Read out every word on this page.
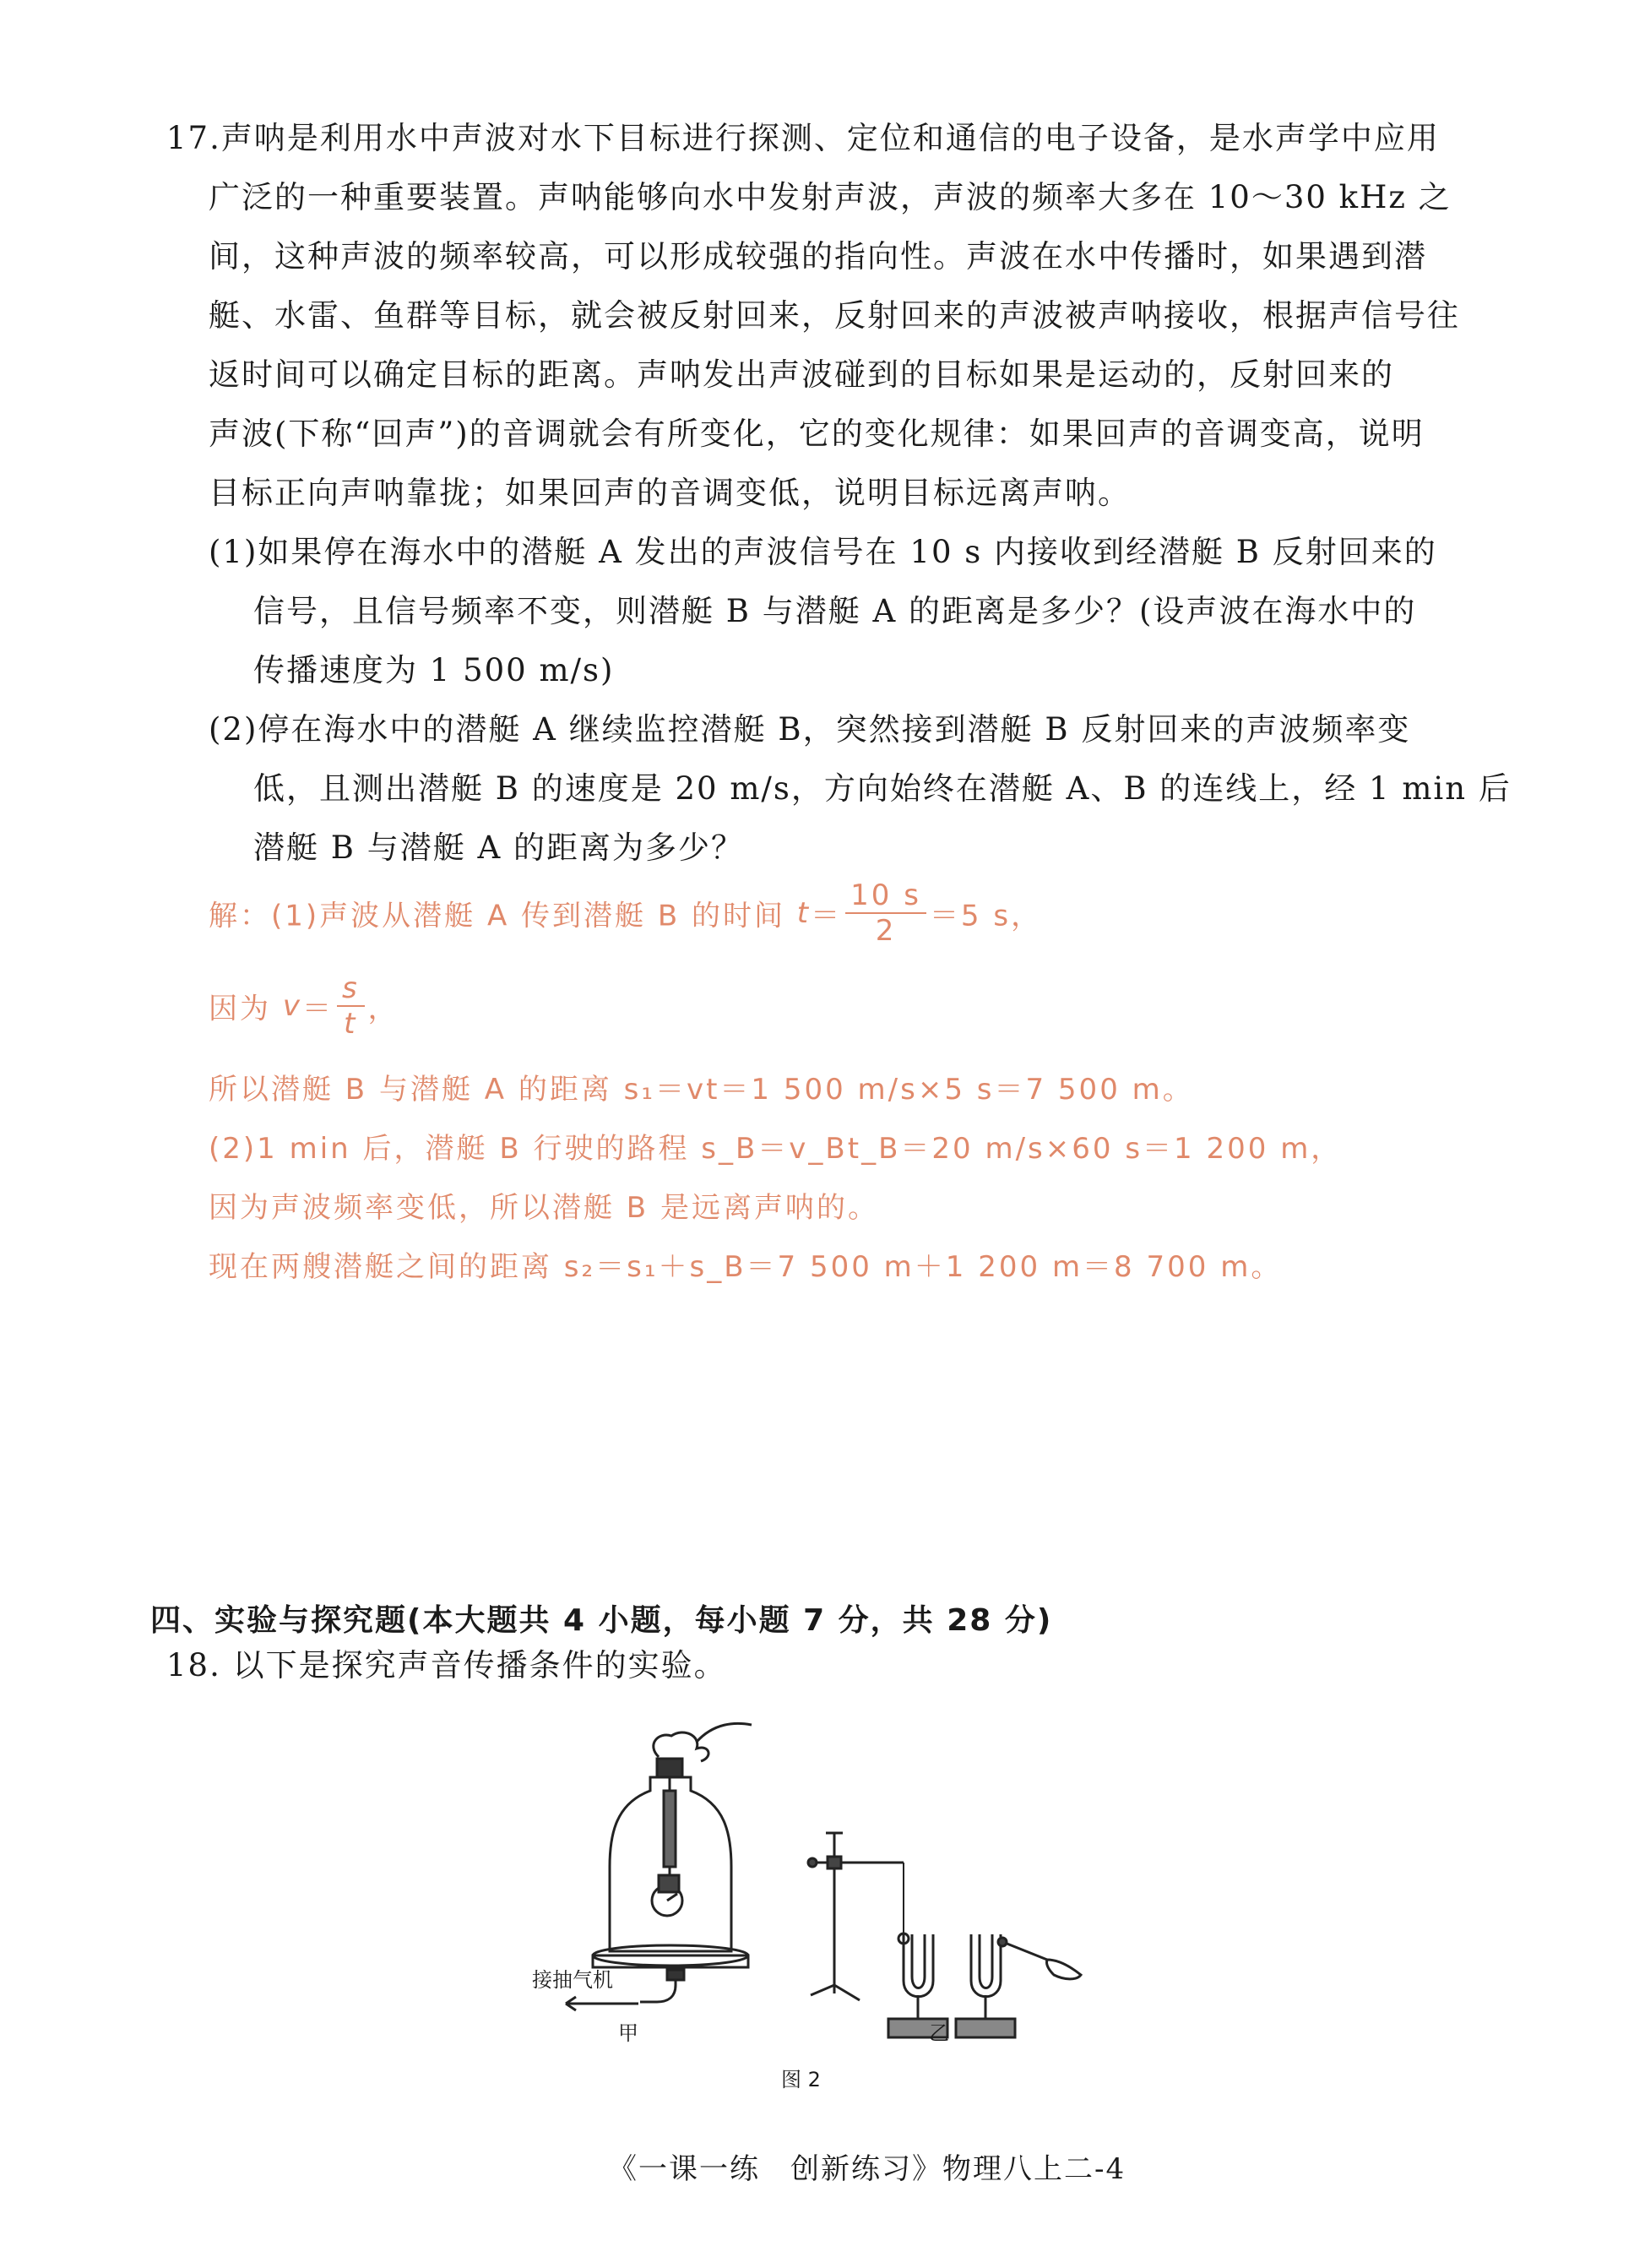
17.声呐是利用水中声波对水下目标进行探测、定位和通信的电子设备，是水声学中应用
广泛的一种重要装置。声呐能够向水中发射声波，声波的频率大多在 10～30 kHz 之
间，这种声波的频率较高，可以形成较强的指向性。声波在水中传播时，如果遇到潜
艇、水雷、鱼群等目标，就会被反射回来，反射回来的声波被声呐接收，根据声信号往
返时间可以确定目标的距离。声呐发出声波碰到的目标如果是运动的，反射回来的
声波(下称“回声”)的音调就会有所变化，它的变化规律：如果回声的音调变高，说明
目标正向声呐靠拢；如果回声的音调变低，说明目标远离声呐。
(1)如果停在海水中的潜艇 A 发出的声波信号在 10 s 内接收到经潜艇 B 反射回来的
信号，且信号频率不变，则潜艇 B 与潜艇 A 的距离是多少？(设声波在海水中的
传播速度为 1 500 m/s)
(2)停在海水中的潜艇 A 继续监控潜艇 B，突然接到潜艇 B 反射回来的声波频率变
低，且测出潜艇 B 的速度是 20 m/s，方向始终在潜艇 A、B 的连线上，经 1 min 后
潜艇 B 与潜艇 A 的距离为多少？
解：(1)声波从潜艇 A 传到潜艇 B 的时间 $t= \frac{10 s}{2} =5$ s，
因为 $v= \frac{s}{t}$ ，
所以潜艇 B 与潜艇 A 的距离 s₁＝vt＝1 500 m/s×5 s＝7 500 m。
(2)1 min 后，潜艇 B 行驶的路程 s_B＝v_Bt_B＝20 m/s×60 s＝1 200 m，
因为声波频率变低，所以潜艇 B 是远离声呐的。
现在两艘潜艇之间的距离 s₂＝s₁＋s_B＝7 500 m＋1 200 m＝8 700 m。
四、实验与探究题(本大题共 4 小题，每小题 7 分，共 28 分)
18. 以下是探究声音传播条件的实验。
接抽气机
甲	乙
图 2
《一课一练　创新练习》物理八上二-4
